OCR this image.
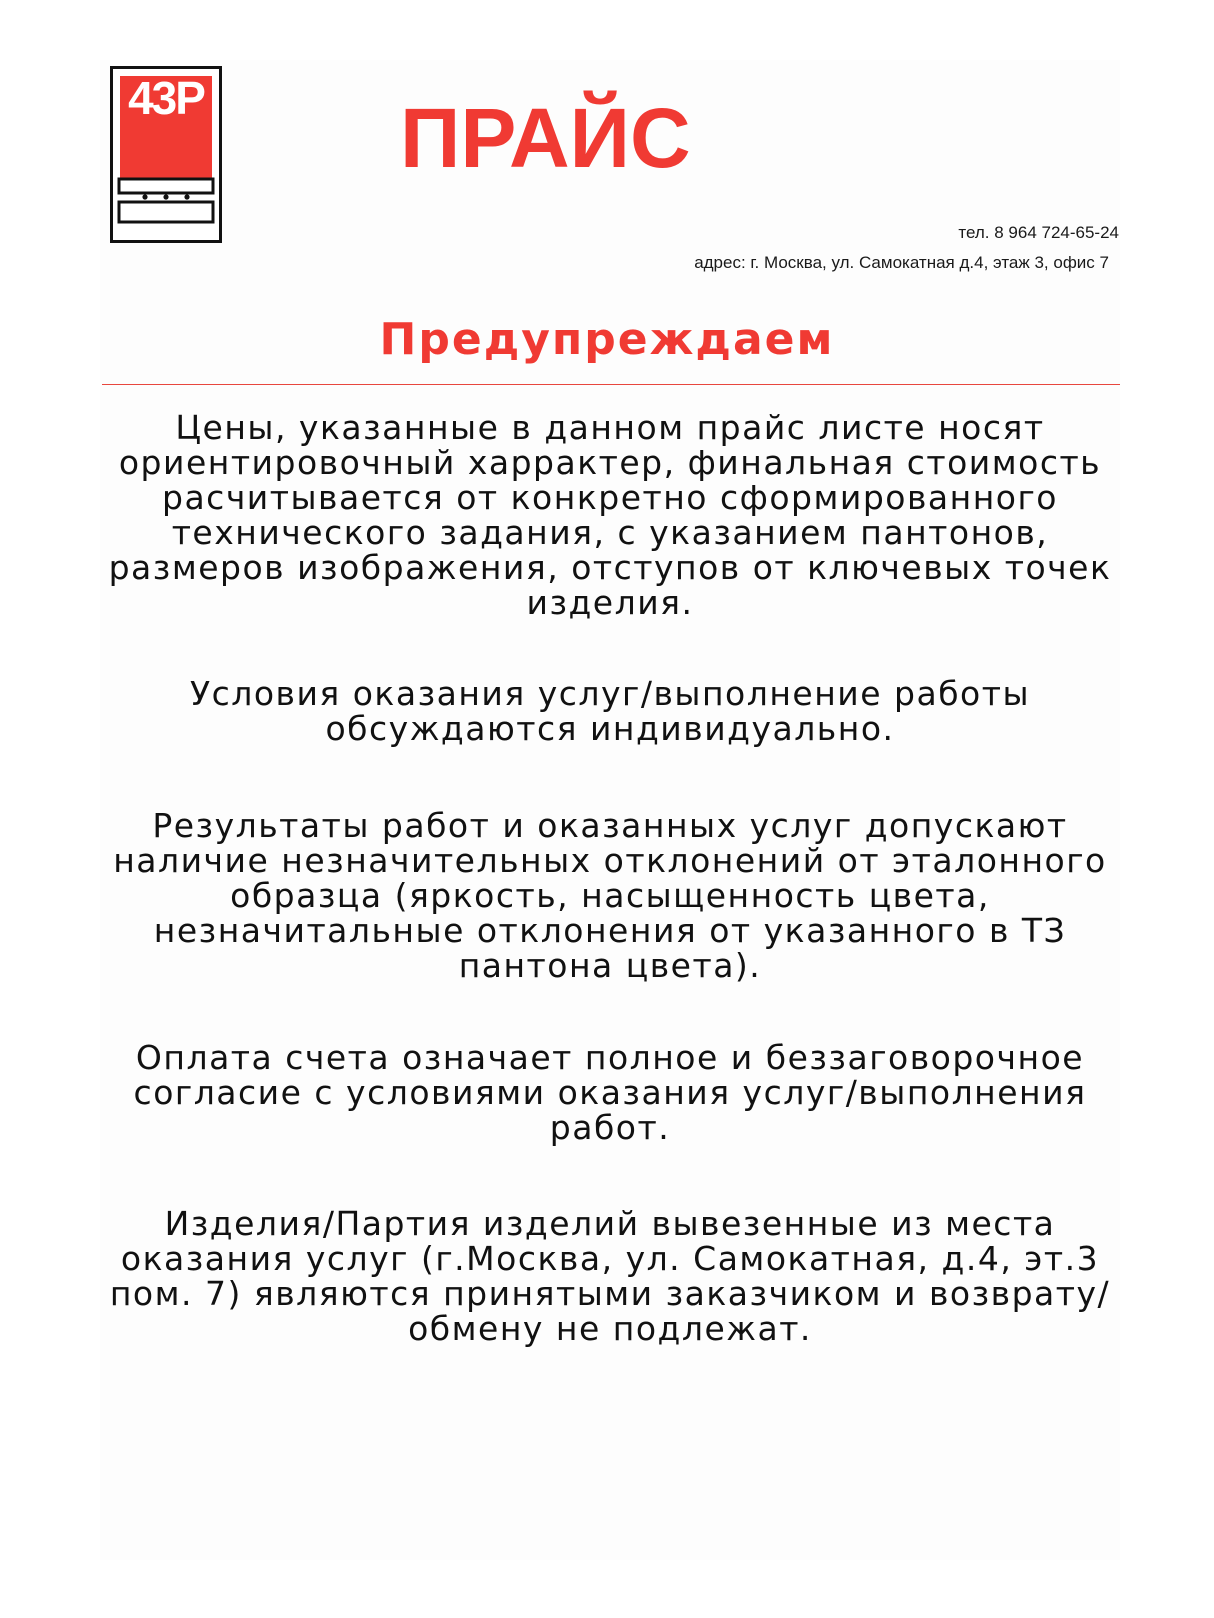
43Р ПРАЙС
тел. 8 964 724-65-24
адрес: г. Москва, ул. Самокатная д.4, этаж 3, офис 7
Предупреждаем

Цены, указанные в данном прайс листе носят ориентировочный харрактер, финальная стоимость расчитывается от конкретно сформированного технического задания, с указанием пантонов, размеров изображения, отступов от ключевых точек изделия.

Условия оказания услуг/выполнение работы обсуждаются индивидуально.

Результаты работ и оказанных услуг допускают наличие незначительных отклонений от эталонного образца (яркость, насыщенность цвета, незначитальные отклонения от указанного в ТЗ пантона цвета).

Оплата счета означает полное и беззаговорочное согласие с условиями оказания услуг/выполнения работ.

Изделия/Партия изделий вывезенные из места оказания услуг (г.Москва, ул. Самокатная, д.4, эт.3 пом. 7) являются принятыми заказчиком и возврату/обмену не подлежат.
